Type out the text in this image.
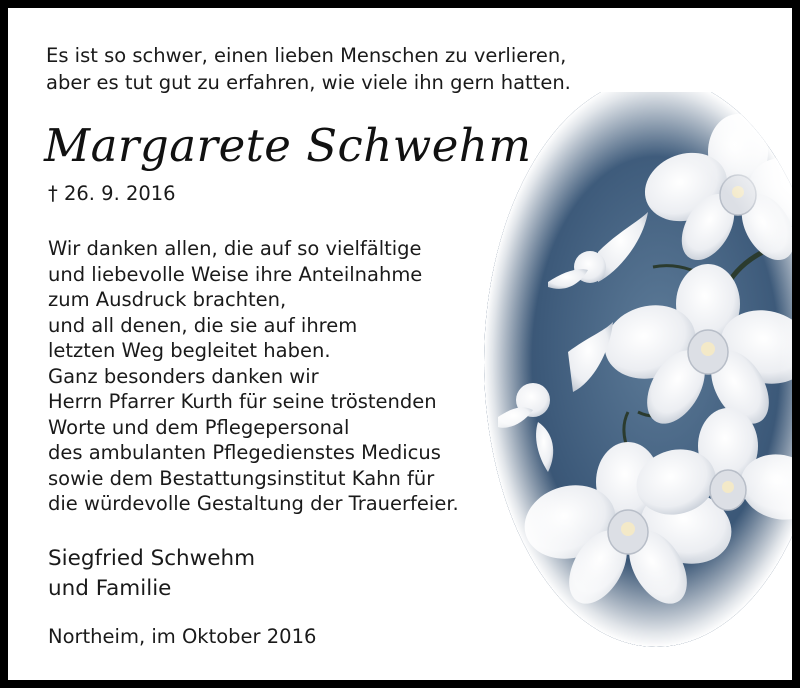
Es ist so schwer, einen lieben Menschen zu verlieren,
aber es tut gut zu erfahren, wie viele ihn gern hatten.
Margarete Schwehm
† 26. 9. 2016
Wir danken allen, die auf so vielfältige
und liebevolle Weise ihre Anteilnahme
zum Ausdruck brachten,
und all denen, die sie auf ihrem
letzten Weg begleitet haben.
Ganz besonders danken wir
Herrn Pfarrer Kurth für seine tröstenden
Worte und dem Pflegepersonal
des ambulanten Pflegedienstes Medicus
sowie dem Bestattungsinstitut Kahn für
die würdevolle Gestaltung der Trauerfeier.
Siegfried Schwehm
und Familie
Northeim, im Oktober 2016
